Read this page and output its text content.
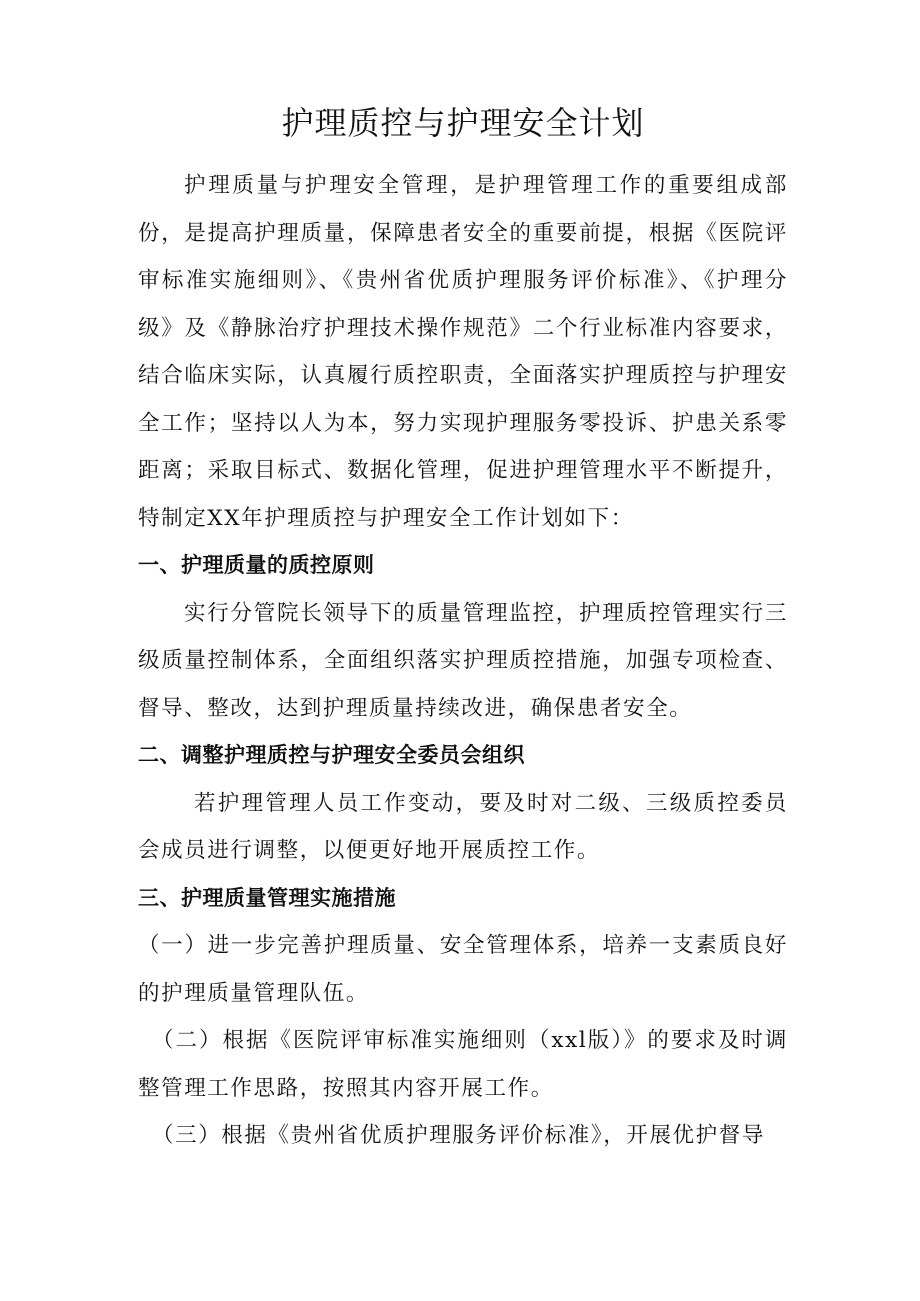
护理质控与护理安全计划

护理质量与护理安全管理，是护理管理工作的重要组成部份，是提高护理质量，保障患者安全的重要前提，根据《医院评审标准实施细则》、《贵州省优质护理服务评价标准》、《护理分级》及《静脉治疗护理技术操作规范》二个行业标准内容要求，结合临床实际，认真履行质控职责，全面落实护理质控与护理安全工作；坚持以人为本，努力实现护理服务零投诉、护患关系零距离；采取目标式、数据化管理，促进护理管理水平不断提升，特制定XX年护理质控与护理安全工作计划如下：

一、护理质量的质控原则

实行分管院长领导下的质量管理监控，护理质控管理实行三级质量控制体系，全面组织落实护理质控措施，加强专项检查、督导、整改，达到护理质量持续改进，确保患者安全。

二、调整护理质控与护理安全委员会组织

若护理管理人员工作变动，要及时对二级、三级质控委员会成员进行调整，以便更好地开展质控工作。

三、护理质量管理实施措施

（一）进一步完善护理质量、安全管理体系，培养一支素质良好的护理质量管理队伍。

（二）根据《医院评审标准实施细则（xxl版）》的要求及时调整管理工作思路，按照其内容开展工作。

（三）根据《贵州省优质护理服务评价标准》，开展优护督导
